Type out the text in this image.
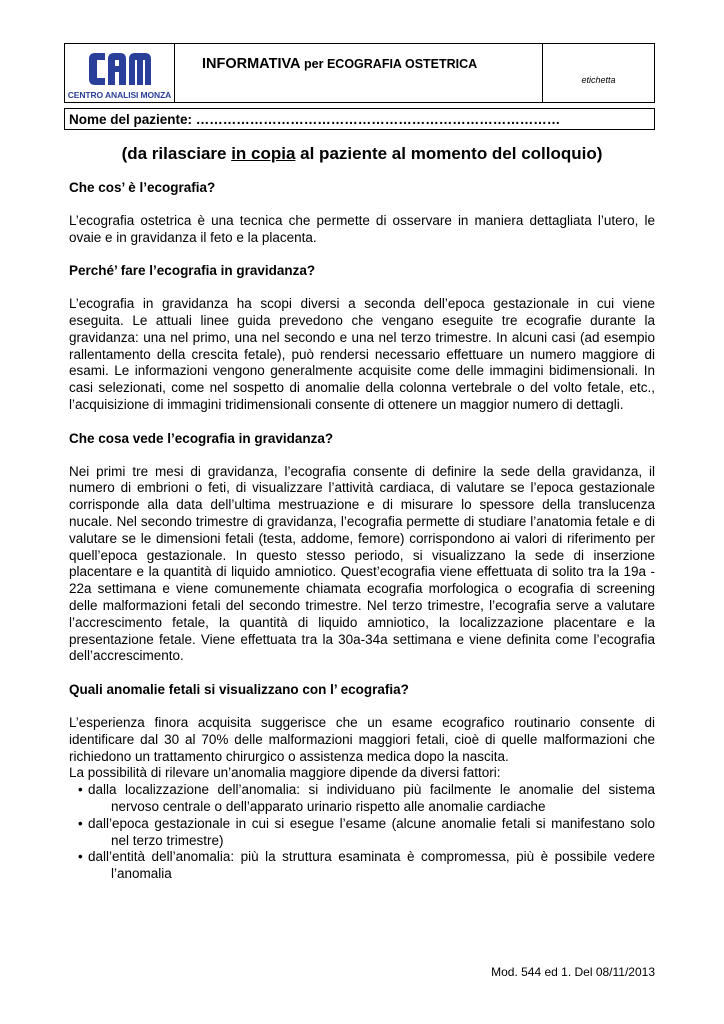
CENTRO ANALISI MONZA
INFORMATIVA per ECOGRAFIA OSTETRICA
etichetta
Nome del paziente: ………………………………………………………………………
(da rilasciare in copia al paziente al momento del colloquio)
Che cos’ è l’ecografia?

L’ecografia ostetrica è una tecnica che permette di osservare in maniera dettagliata l’utero, le ovaie e in gravidanza il feto e la placenta.

Perché’ fare l’ecografia in gravidanza?

L’ecografia in gravidanza ha scopi diversi a seconda dell’epoca gestazionale in cui viene eseguita. Le attuali linee guida prevedono che vengano eseguite tre ecografie durante la gravidanza: una nel primo, una nel secondo e una nel terzo trimestre. In alcuni casi (ad esempio rallentamento della crescita fetale), può rendersi necessario effettuare un numero maggiore di esami. Le informazioni vengono generalmente acquisite come delle immagini bidimensionali. In casi selezionati, come nel sospetto di anomalie della colonna vertebrale o del volto fetale, etc., l’acquisizione di immagini tridimensionali consente di ottenere un maggior numero di dettagli.

Che cosa vede l’ecografia in gravidanza?

Nei primi tre mesi di gravidanza, l’ecografia consente di definire la sede della gravidanza, il numero di embrioni o feti, di visualizzare l’attività cardiaca, di valutare se l’epoca gestazionale corrisponde alla data dell’ultima mestruazione e di misurare lo spessore della translucenza nucale. Nel secondo trimestre di gravidanza, l’ecografia permette di studiare l’anatomia fetale e di valutare se le dimensioni fetali (testa, addome, femore) corrispondono ai valori di riferimento per quell’epoca gestazionale. In questo stesso periodo, si visualizzano la sede di inserzione placentare e la quantità di liquido amniotico. Quest’ecografia viene effettuata di solito tra la 19a - 22a settimana e viene comunemente chiamata ecografia morfologica o ecografia di screening delle malformazioni fetali del secondo trimestre. Nel terzo trimestre, l’ecografia serve a valutare l’accrescimento fetale, la quantità di liquido amniotico, la localizzazione placentare e la presentazione fetale. Viene effettuata tra la 30a-34a settimana e viene definita come l’ecografia dell’accrescimento.

Quali anomalie fetali si visualizzano con l’ ecografia?

L’esperienza finora acquisita suggerisce che un esame ecografico routinario consente di identificare dal 30 al 70% delle malformazioni maggiori fetali, cioè di quelle malformazioni che richiedono un trattamento chirurgico o assistenza medica dopo la nascita.

La possibilità di rilevare un’anomalia maggiore dipende da diversi fattori:

• dalla localizzazione dell’anomalia: si individuano più facilmente le anomalie del sistema nervoso centrale o dell’apparato urinario rispetto alle anomalie cardiache
• dall’epoca gestazionale in cui si esegue l’esame (alcune anomalie fetali si manifestano solo nel terzo trimestre)
• dall’entità dell’anomalia: più la struttura esaminata è compromessa, più è possibile vedere l’anomalia
Mod. 544 ed 1. Del 08/11/2013
